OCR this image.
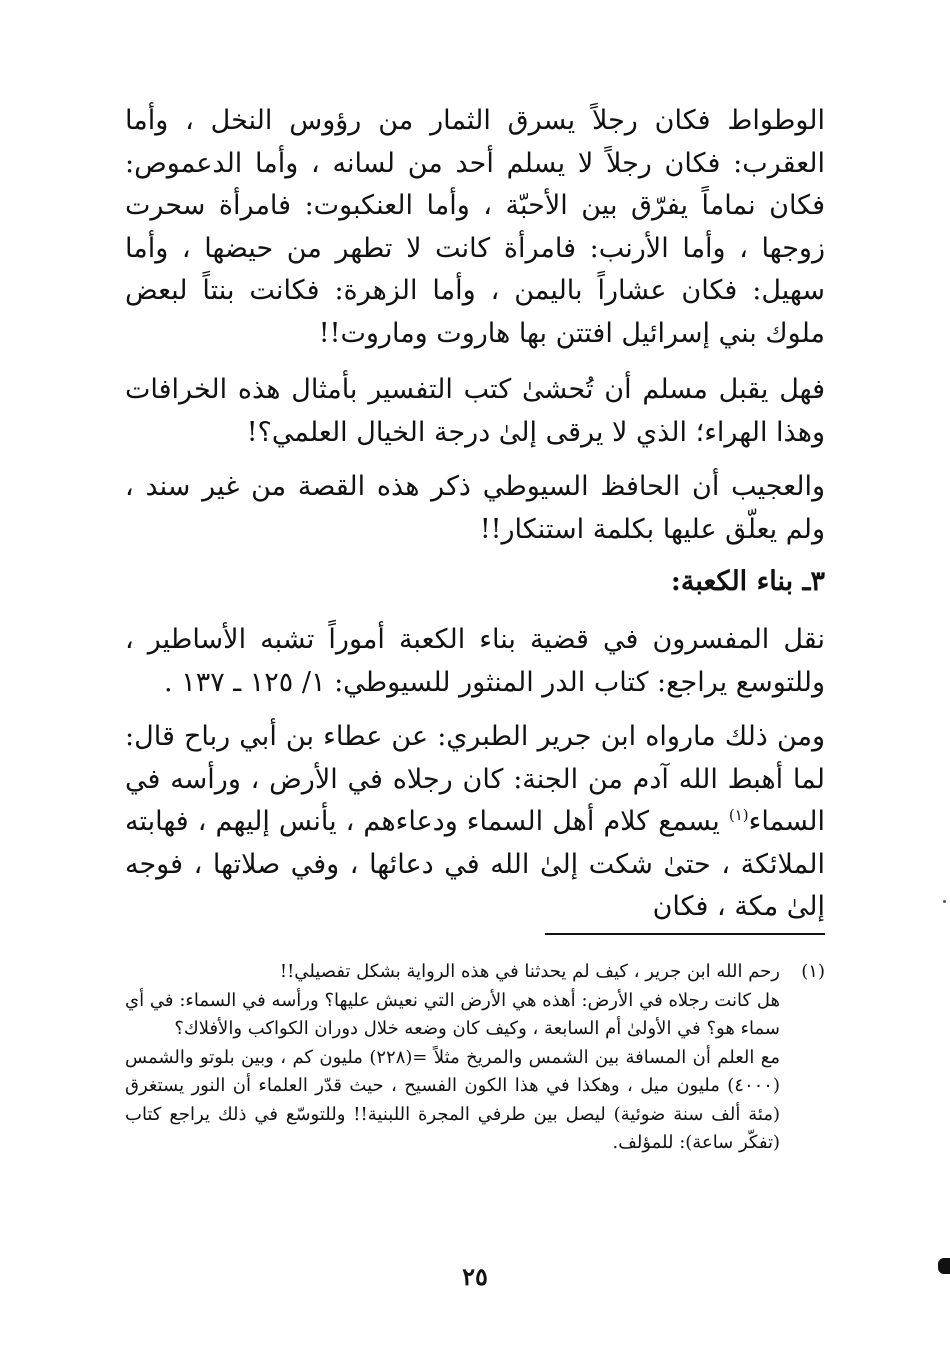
الوطواط فكان رجلاً يسرق الثمار من رؤوس النخل ، وأما العقرب: فكان رجلاً لا يسلم أحد من لسانه ، وأما الدعموص: فكان نماماً يفرّق بين الأحبّة ، وأما العنكبوت: فامرأة سحرت زوجها ، وأما الأرنب: فامرأة كانت لا تطهر من حيضها ، وأما سهيل: فكان عشاراً باليمن ، وأما الزهرة: فكانت بنتاً لبعض ملوك بني إسرائيل افتتن بها هاروت وماروت!!

فهل يقبل مسلم أن تُحشىٰ كتب التفسير بأمثال هذه الخرافات وهذا الهراء؛ الذي لا يرقى إلىٰ درجة الخيال العلمي؟!

والعجيب أن الحافظ السيوطي ذكر هذه القصة من غير سند ، ولم يعلّق عليها بكلمة استنكار!!

٣ـ بناء الكعبة:

نقل المفسرون في قضية بناء الكعبة أموراً تشبه الأساطير ، وللتوسع يراجع: كتاب الدر المنثور للسيوطي: ١/ ١٢٥ ـ ١٣٧ .

ومن ذلك مارواه ابن جرير الطبري: عن عطاء بن أبي رباح قال: لما أهبط الله آدم من الجنة: كان رجلاه في الأرض ، ورأسه في السماء$^{(١)}$ يسمع كلام أهل السماء ودعاءهم ، يأنس إليهم ، فهابته الملائكة ، حتىٰ شكت إلىٰ الله في دعائها ، وفي صلاتها ، فوجه إلىٰ مكة ، فكان

(١)

رحم الله ابن جرير ، كيف لم يحدثنا في هذه الرواية بشكل تفصيلي!!

هل كانت رجلاه في الأرض: أهذه هي الأرض التي نعيش عليها؟ ورأسه في السماء: في أي سماء هو؟ في الأولىٰ أم السابعة ، وكيف كان وضعه خلال دوران الكواكب والأفلاك؟

مع العلم أن المسافة بين الشمس والمريخ مثلاً =(٢٢٨) مليون كم ، وبين بلوتو والشمس (٤٠٠٠) مليون ميل ، وهكذا في هذا الكون الفسيح ، حيث قدّر العلماء أن النور يستغرق (مئة ألف سنة ضوئية) ليصل بين طرفي المجرة اللبنية!! وللتوسّع في ذلك يراجع كتاب (تفكّر ساعة): للمؤلف.

٢٥
